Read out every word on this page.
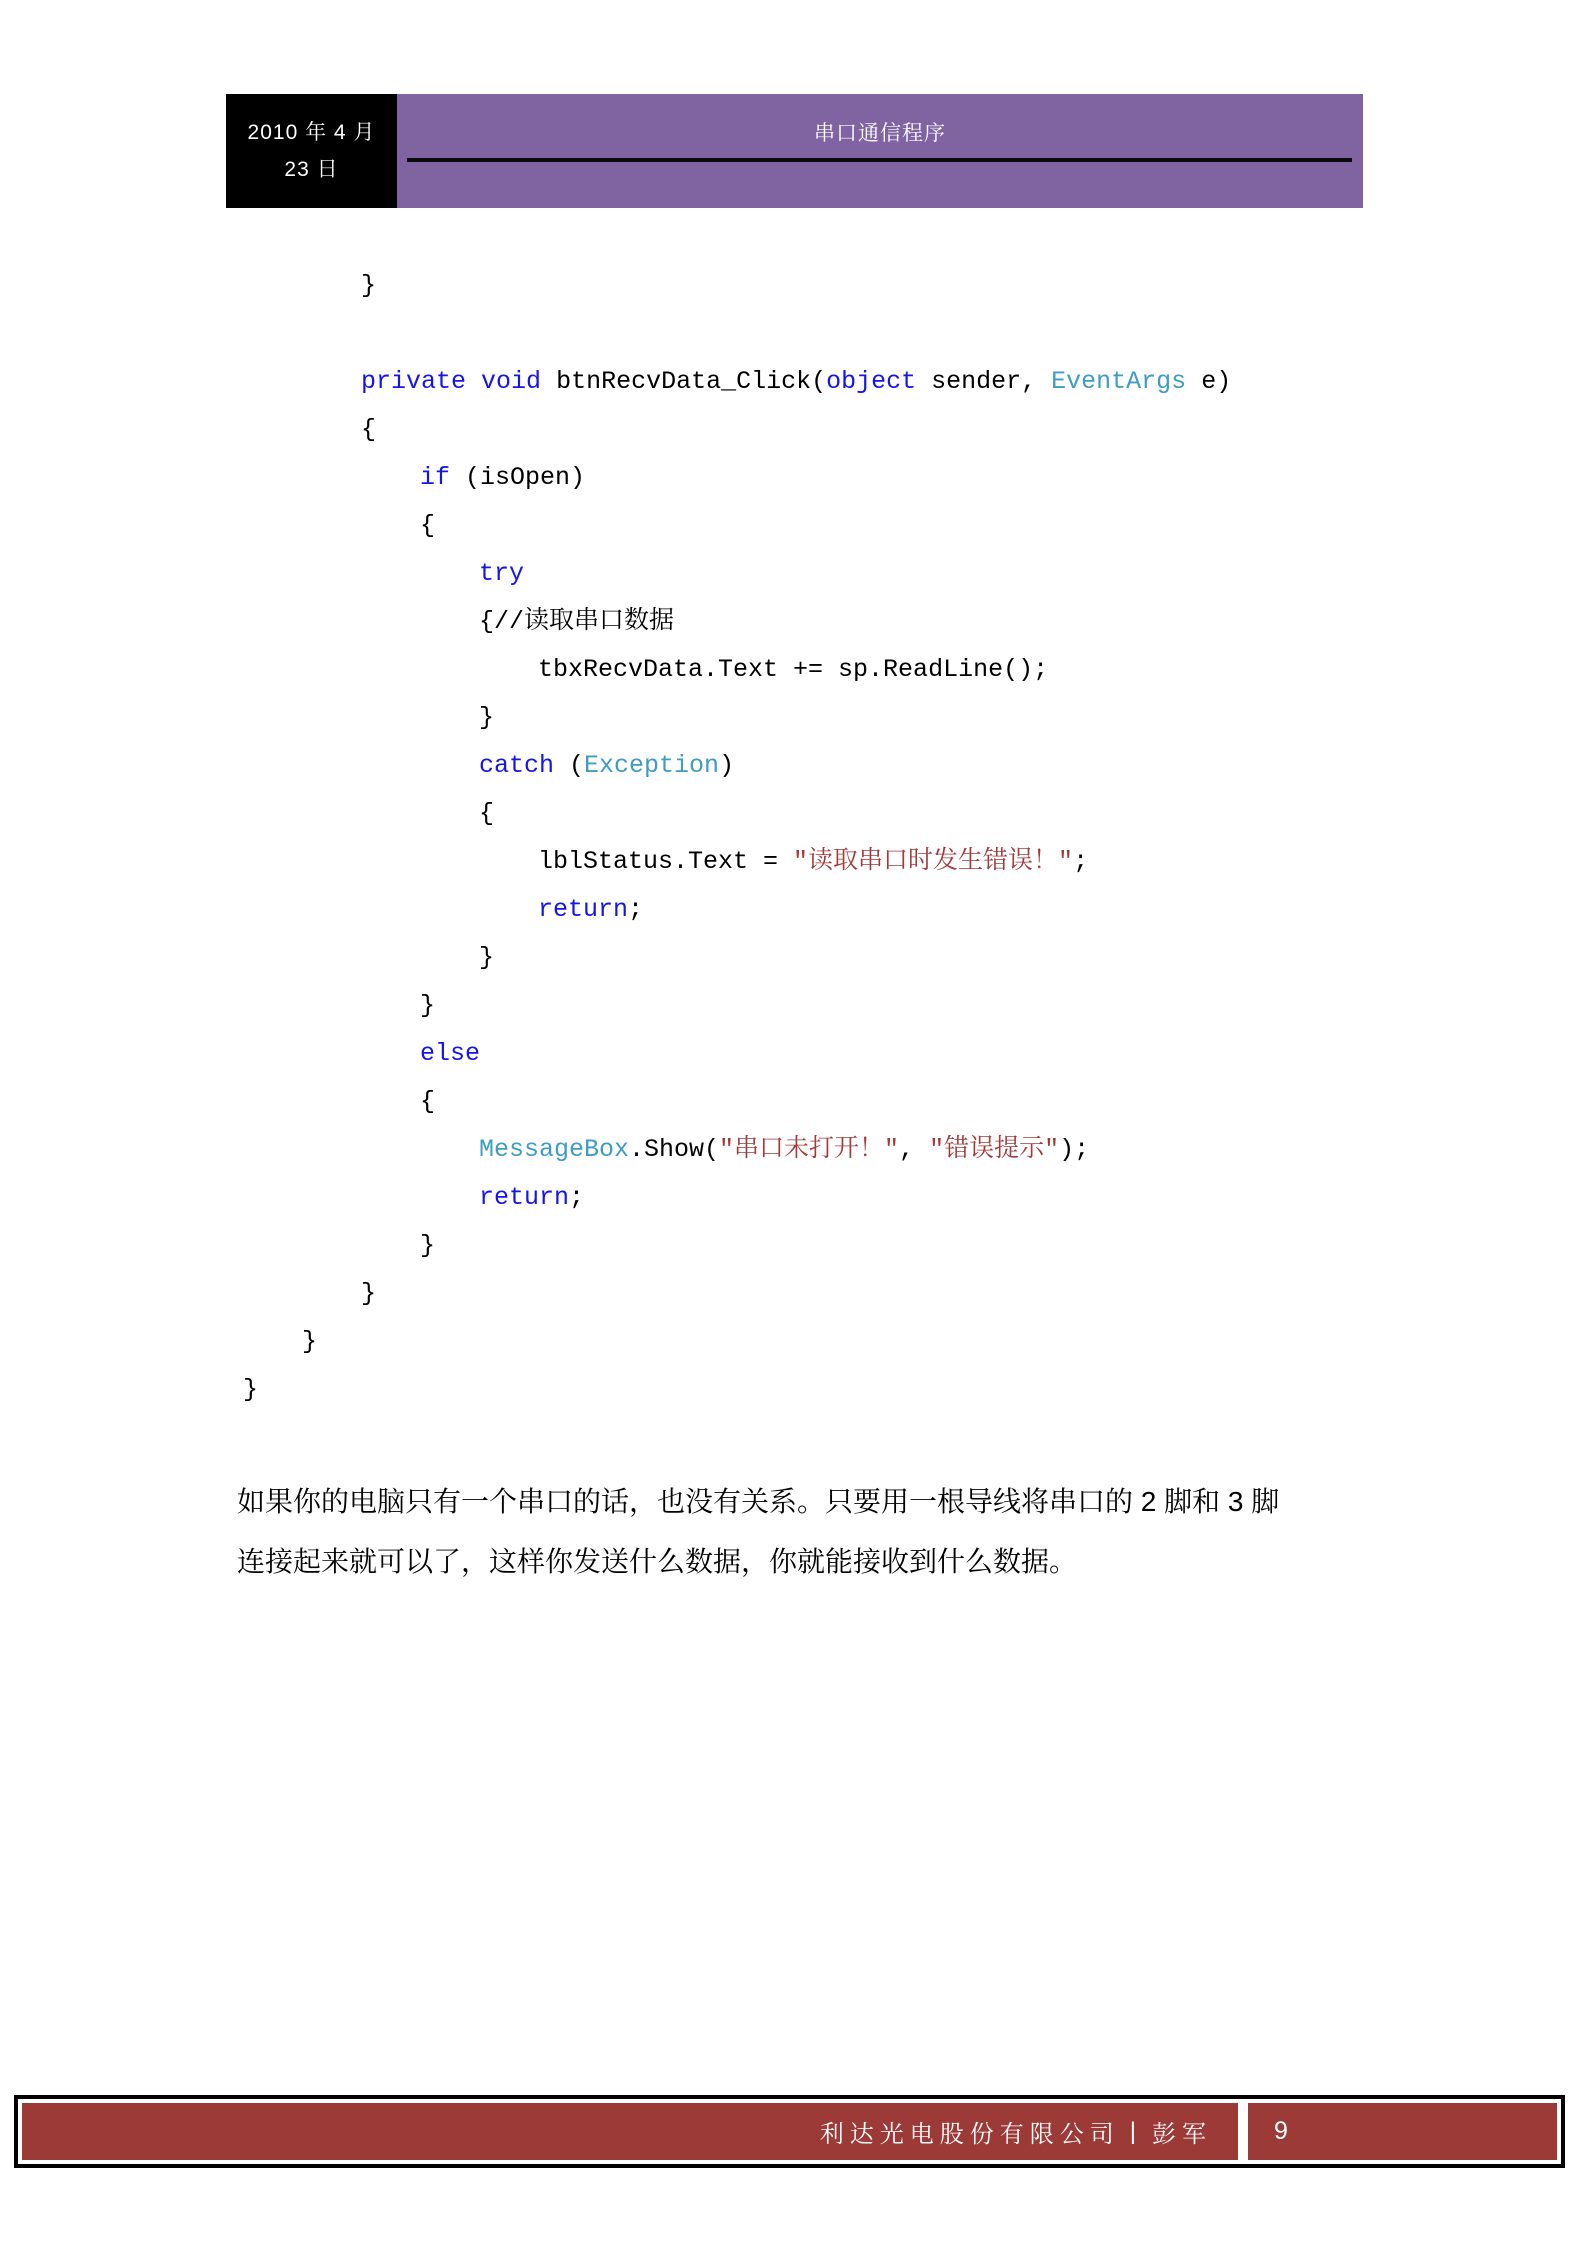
2010 年 4 月
23 日
串口通信程序
}
private void btnRecvData_Click(object sender, EventArgs e)
{
if (isOpen)
{
try
{//读取串口数据
tbxRecvData.Text += sp.ReadLine();
}
catch (Exception)
{
lblStatus.Text = "读取串口时发生错误！";
return;
}
}
else
{
MessageBox.Show("串口未打开！", "错误提示");
return;
}
}
}
}
如果你的电脑只有一个串口的话，也没有关系。只要用一根导线将串口的 2 脚和 3 脚
连接起来就可以了，这样你发送什么数据，你就能接收到什么数据。
利达光电股份有限公司 | 彭军 9
